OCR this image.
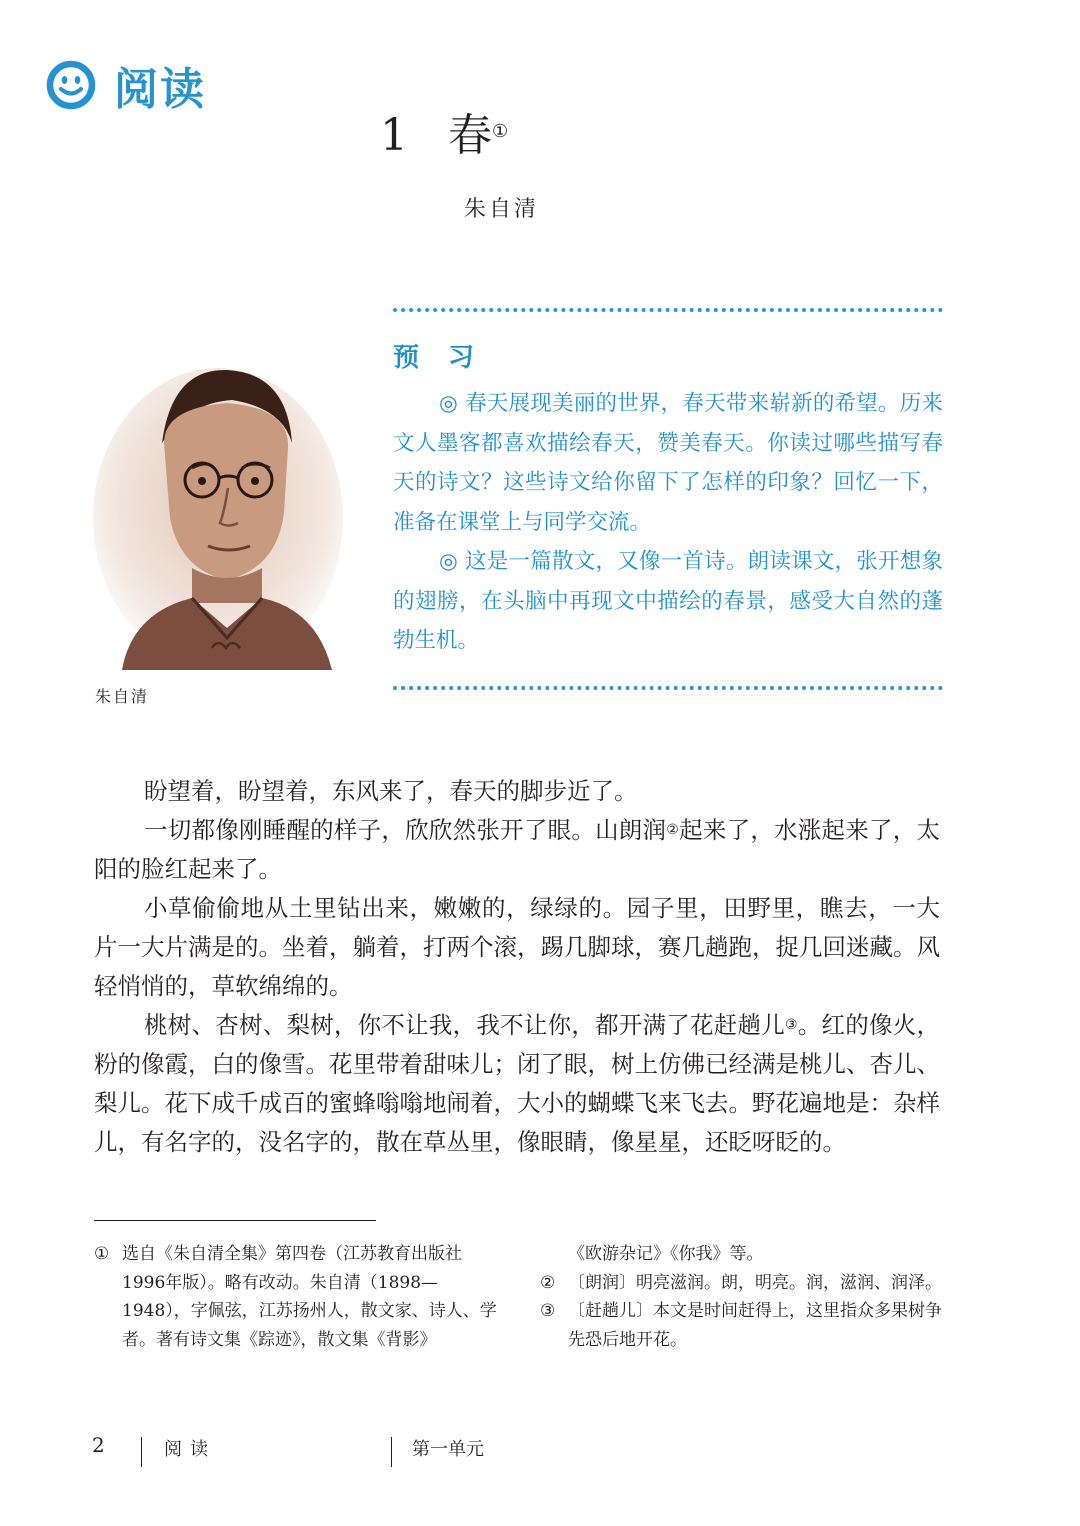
阅读
1 春①
朱自清
朱自清
预 习

◎ 春天展现美丽的世界，春天带来崭新的希望。历来文人墨客都喜欢描绘春天，赞美春天。你读过哪些描写春天的诗文？这些诗文给你留下了怎样的印象？回忆一下，准备在课堂上与同学交流。

◎ 这是一篇散文，又像一首诗。朗读课文，张开想象的翅膀，在头脑中再现文中描绘的春景，感受大自然的蓬勃生机。

盼望着，盼望着，东风来了，春天的脚步近了。

一切都像刚睡醒的样子，欣欣然张开了眼。山朗润②起来了，水涨起来了，太阳的脸红起来了。

小草偷偷地从土里钻出来，嫩嫩的，绿绿的。园子里，田野里，瞧去，一大片一大片满是的。坐着，躺着，打两个滚，踢几脚球，赛几趟跑，捉几回迷藏。风轻悄悄的，草软绵绵的。

桃树、杏树、梨树，你不让我，我不让你，都开满了花赶趟儿③。红的像火，粉的像霞，白的像雪。花里带着甜味儿；闭了眼，树上仿佛已经满是桃儿、杏儿、梨儿。花下成千成百的蜜蜂嗡嗡地闹着，大小的蝴蝶飞来飞去。野花遍地是：杂样儿，有名字的，没名字的，散在草丛里，像眼睛，像星星，还眨呀眨的。

① 选自《朱自清全集》第四卷（江苏教育出版社1996年版）。略有改动。朱自清（1898—1948），字佩弦，江苏扬州人，散文家、诗人、学者。著有诗文集《踪迹》，散文集《背影》
《欧游杂记》《你我》等。
② 〔朗润〕明亮滋润。朗，明亮。润，滋润、润泽。
③ 〔赶趟儿〕本文是时间赶得上，这里指众多果树争先恐后地开花。
2	阅读	第一单元
